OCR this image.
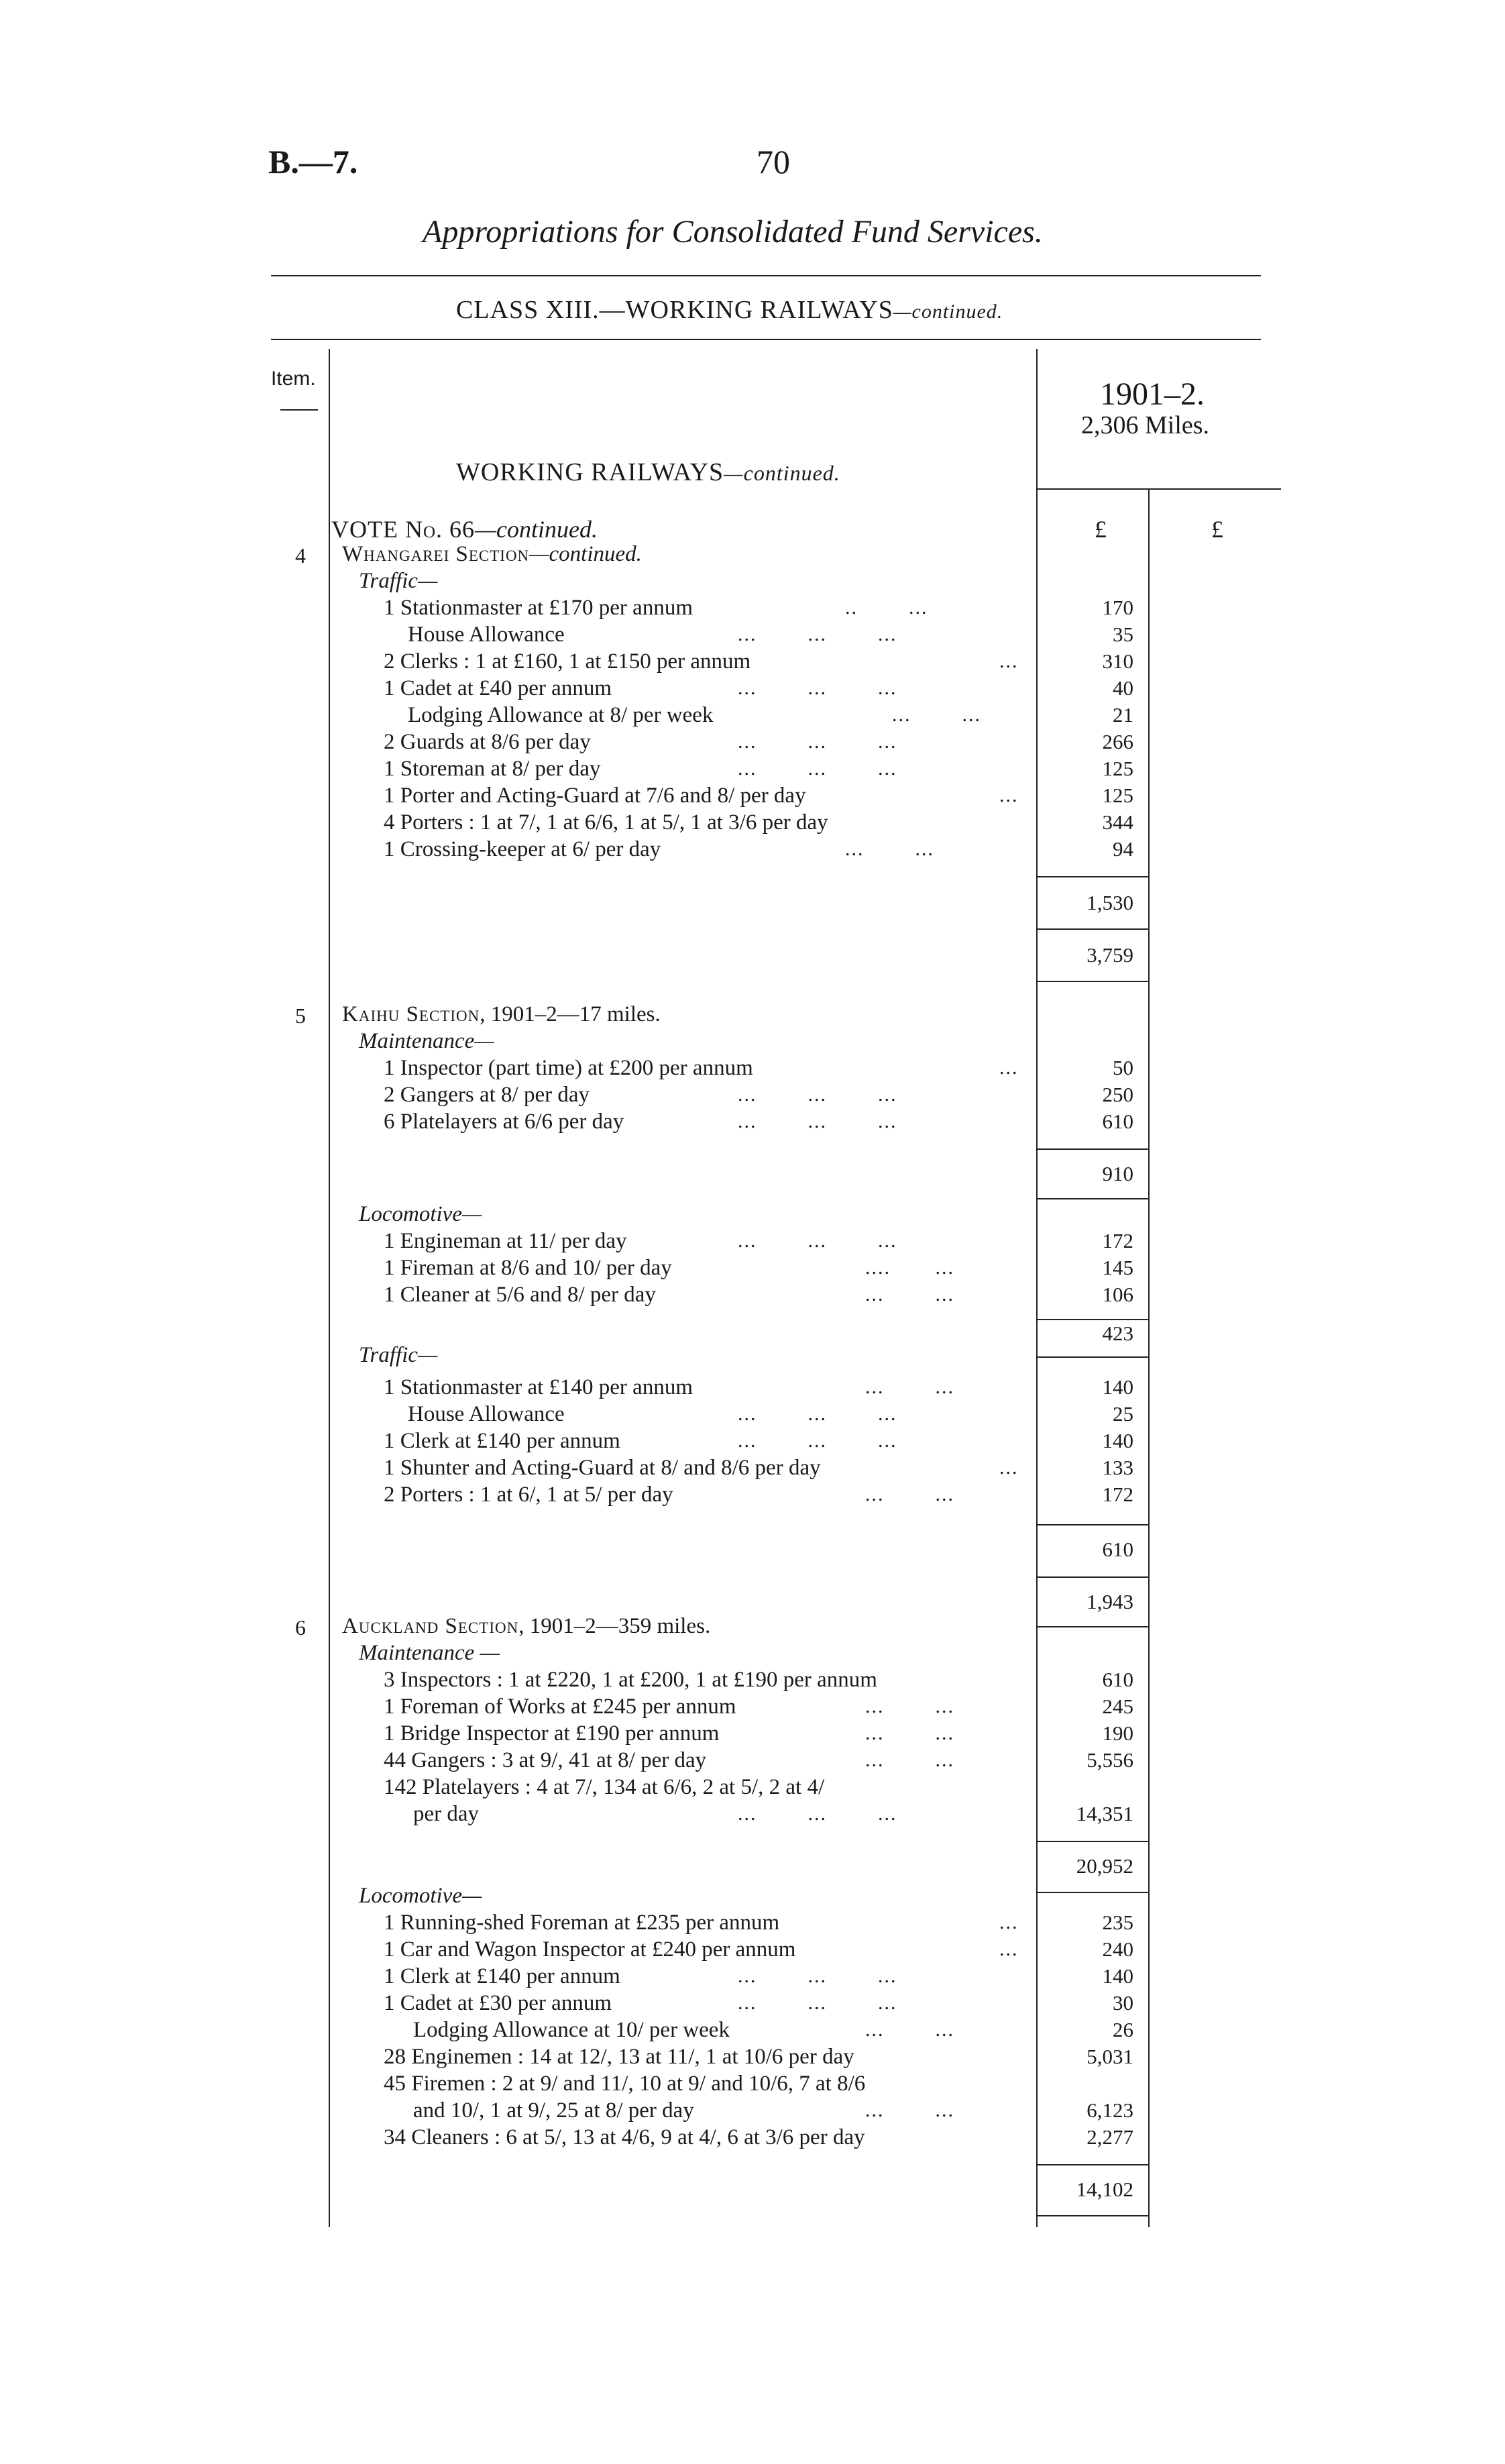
B.—7.	70
Appropriations for Consolidated Fund Services.
CLASS XIII.—WORKING RAILWAYS—continued.
Item.	1901–2.
2,306 Miles.
WORKING RAILWAYS—continued.
£	£
VOTE No. 66—continued.
4 Whangarei Section—continued.
Traffic—
1 Stationmaster at £170 per annum	..        ...	170
House Allowance	...        ...        ...	35
2 Clerks : 1 at £160, 1 at £150 per annum	...	310
1 Cadet at £40 per annum	...        ...        ...	40
Lodging Allowance at 8/ per week	...        ...	21
2 Guards at 8/6 per day	...        ...        ...	266
1 Storeman at 8/ per day	...        ...        ...	125
1 Porter and Acting-Guard at 7/6 and 8/ per day	...	125
4 Porters : 1 at 7/, 1 at 6/6, 1 at 5/, 1 at 3/6 per day	344
1 Crossing-keeper at 6/ per day	...        ...	94
1,530
3,759
5 Kaihu Section, 1901–2—17 miles.
Maintenance—
1 Inspector (part time) at £200 per annum	...	50
2 Gangers at 8/ per day	...        ...        ...	250
6 Platelayers at 6/6 per day	...        ...        ...	610
910
Locomotive—
1 Engineman at 11/ per day	...        ...        ...	172
1 Fireman at 8/6 and 10/ per day	....       ...	145
1 Cleaner at 5/6 and 8/ per day	...        ...	106
423
Traffic—
1 Stationmaster at £140 per annum	...        ...	140
House Allowance	...        ...        ...	25
1 Clerk at £140 per annum	...        ...        ...	140
1 Shunter and Acting-Guard at 8/ and 8/6 per day	...	133
2 Porters : 1 at 6/, 1 at 5/ per day	...        ...	172
610
1,943
6 Auckland Section, 1901–2—359 miles.
Maintenance —
3 Inspectors : 1 at £220, 1 at £200, 1 at £190 per annum	610
1 Foreman of Works at £245 per annum	...        ...	245
1 Bridge Inspector at £190 per annum	...        ...	190
44 Gangers : 3 at 9/, 41 at 8/ per day	...        ...	5,556
142 Platelayers : 4 at 7/, 134 at 6/6, 2 at 5/, 2 at 4/
per day	...        ...        ...	14,351
20,952
Locomotive—
1 Running-shed Foreman at £235 per annum	...	235
1 Car and Wagon Inspector at £240 per annum	...	240
1 Clerk at £140 per annum	...        ...        ...	140
1 Cadet at £30 per annum	...        ...        ...	30
Lodging Allowance at 10/ per week	...        ...	26
28 Enginemen : 14 at 12/, 13 at 11/, 1 at 10/6 per day	5,031
45 Firemen : 2 at 9/ and 11/, 10 at 9/ and 10/6, 7 at 8/6
and 10/, 1 at 9/, 25 at 8/ per day	...        ...	6,123
34 Cleaners : 6 at 5/, 13 at 4/6, 9 at 4/, 6 at 3/6 per day	2,277
14,102
